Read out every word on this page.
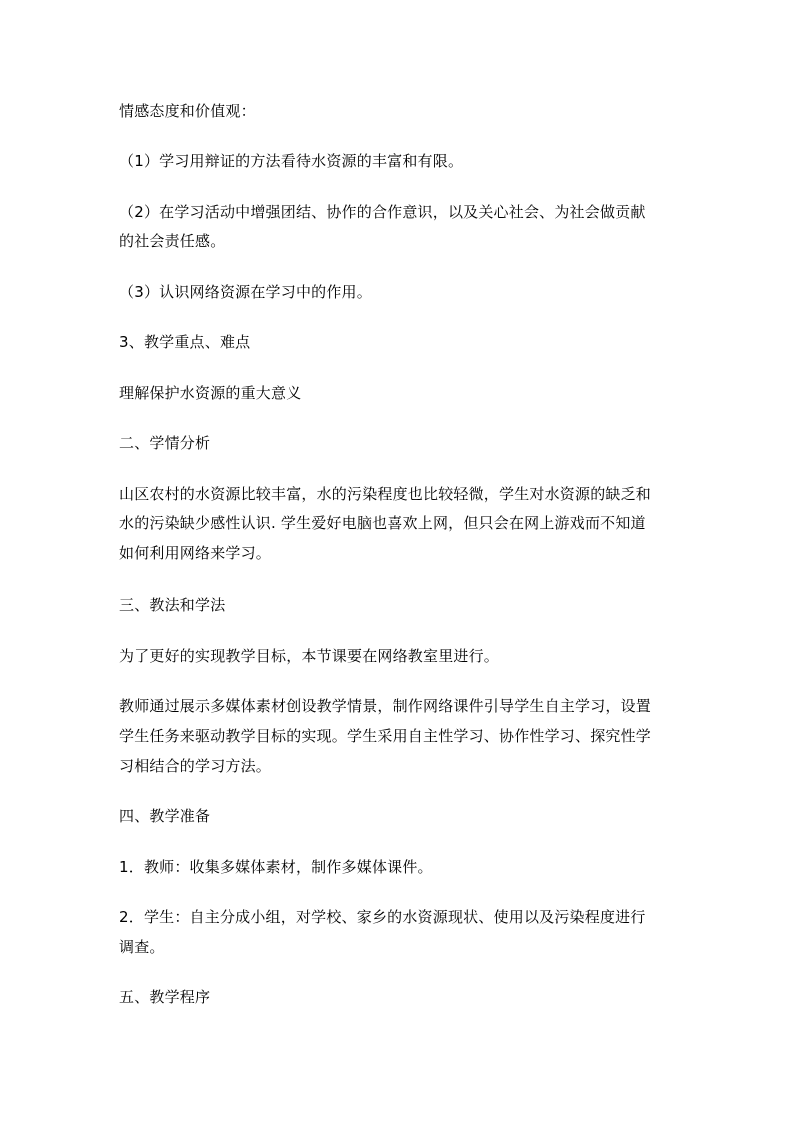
情感态度和价值观：
（1）学习用辩证的方法看待水资源的丰富和有限。
（2）在学习活动中增强团结、协作的合作意识，以及关心社会、为社会做贡献
的社会责任感。
（3）认识网络资源在学习中的作用。
3、教学重点、难点
理解保护水资源的重大意义
二、学情分析
山区农村的水资源比较丰富，水的污染程度也比较轻微，学生对水资源的缺乏和
水的污染缺少感性认识. 学生爱好电脑也喜欢上网，但只会在网上游戏而不知道
如何利用网络来学习。
三、教法和学法
为了更好的实现教学目标，本节课要在网络教室里进行。
教师通过展示多媒体素材创设教学情景，制作网络课件引导学生自主学习，设置
学生任务来驱动教学目标的实现。学生采用自主性学习、协作性学习、探究性学
习相结合的学习方法。
四、教学准备
1．教师：收集多媒体素材，制作多媒体课件。
2．学生：自主分成小组，对学校、家乡的水资源现状、使用以及污染程度进行
调查。
五、教学程序
